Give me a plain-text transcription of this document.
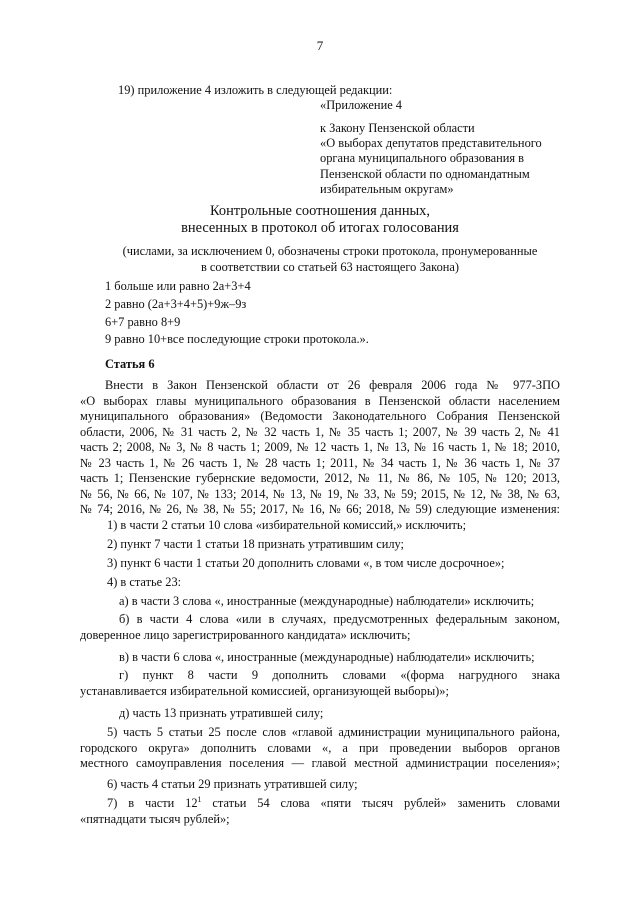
7
19) приложение 4 изложить в следующей редакции:
«Приложение 4
к Закону Пензенской области
«О выборах депутатов представительного
органа муниципального образования в
Пензенской области по одномандатным
избирательным округам»
Контрольные соотношения данных,
внесенных в протокол об итогах голосования
(числами, за исключением 0, обозначены строки протокола, пронумерованные
в соответствии со статьей 63 настоящего Закона)
1 больше или равно 2а+3+4
2 равно (2а+3+4+5)+9ж–9з
6+7 равно 8+9
9 равно 10+все последующие строки протокола.».
Статья 6
Внести в Закон Пензенской области от 26 февраля 2006 года № 977-ЗПО
«О выборах главы муниципального образования в Пензенской области населением
муниципального образования» (Ведомости Законодательного Собрания Пензенской
области, 2006, № 31 часть 2, № 32 часть 1, № 35 часть 1; 2007, № 39 часть 2, № 41
часть 2; 2008, № 3, № 8 часть 1; 2009, № 12 часть 1, № 13, № 16 часть 1, № 18; 2010,
№ 23 часть 1, № 26 часть 1, № 28 часть 1; 2011, № 34 часть 1, № 36 часть 1, № 37
часть 1; Пензенские губернские ведомости, 2012, № 11, № 86, № 105, № 120; 2013,
№ 56, № 66, № 107, № 133; 2014, № 13, № 19, № 33, № 59; 2015, № 12, № 38, № 63,
№ 74; 2016, № 26, № 38, № 55; 2017, № 16, № 66; 2018, № 59) следующие изменения:
1) в части 2 статьи 10 слова «избирательной комиссий,» исключить;
2) пункт 7 части 1 статьи 18 признать утратившим силу;
3) пункт 6 части 1 статьи 20 дополнить словами «, в том числе досрочное»;
4) в статье 23:
а) в части 3 слова «, иностранные (международные) наблюдатели» исключить;
б) в части 4 слова «или в случаях, предусмотренных федеральным законом,
доверенное лицо зарегистрированного кандидата» исключить;
в) в части 6 слова «, иностранные (международные) наблюдатели» исключить;
г) пункт 8 части 9 дополнить словами «(форма нагрудного знака
устанавливается избирательной комиссией, организующей выборы)»;
д) часть 13 признать утратившей силу;
5) часть 5 статьи 25 после слов «главой администрации муниципального района,
городского округа» дополнить словами «, а при проведении выборов органов
местного самоуправления поселения — главой местной администрации поселения»;
6) часть 4 статьи 29 признать утратившей силу;
7) в части $12^1$ статьи 54 слова «пяти тысяч рублей» заменить словами
«пятнадцати тысяч рублей»;
